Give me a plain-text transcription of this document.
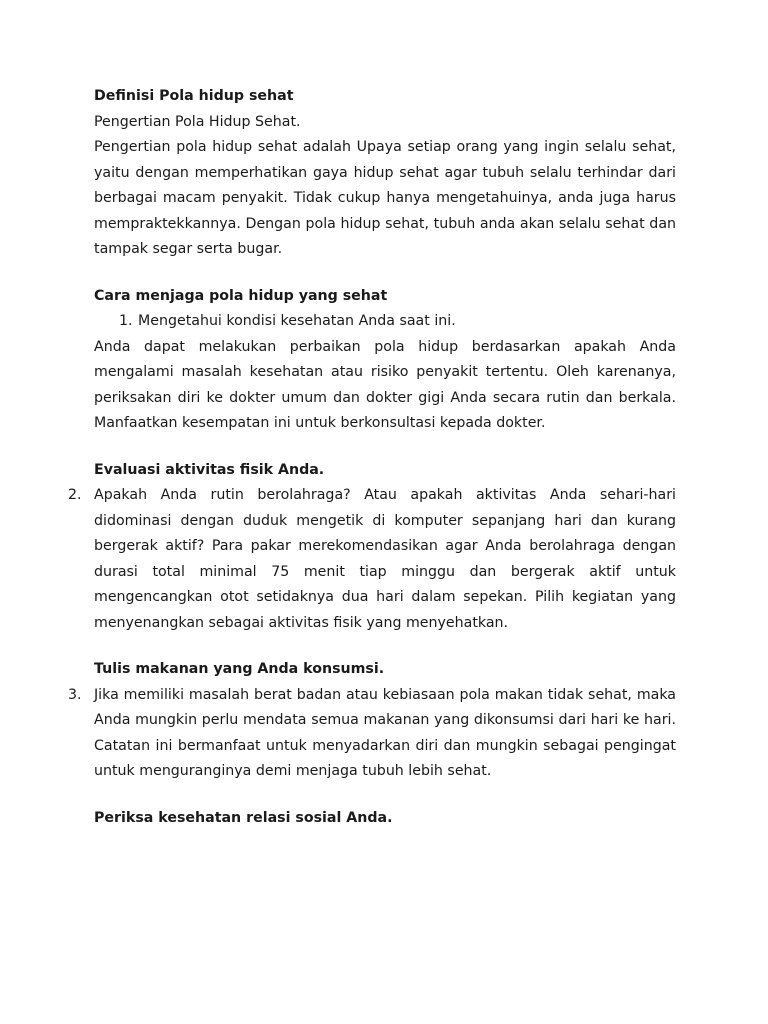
Definisi Pola hidup sehat

Pengertian Pola Hidup Sehat.

Pengertian pola hidup sehat adalah Upaya setiap orang yang ingin selalu sehat, yaitu dengan memperhatikan gaya hidup sehat agar tubuh selalu terhindar dari berbagai macam penyakit. Tidak cukup hanya mengetahuinya, anda juga harus mempraktekkannya. Dengan pola hidup sehat, tubuh anda akan selalu sehat dan tampak segar serta bugar.

Cara menjaga pola hidup yang sehat

1. Mengetahui kondisi kesehatan Anda saat ini.

Anda dapat melakukan perbaikan pola hidup berdasarkan apakah Anda mengalami masalah kesehatan atau risiko penyakit tertentu. Oleh karenanya, periksakan diri ke dokter umum dan dokter gigi Anda secara rutin dan berkala. Manfaatkan kesempatan ini untuk berkonsultasi kepada dokter.

Evaluasi aktivitas fisik Anda.

2. Apakah Anda rutin berolahraga? Atau apakah aktivitas Anda sehari-hari didominasi dengan duduk mengetik di komputer sepanjang hari dan kurang bergerak aktif? Para pakar merekomendasikan agar Anda berolahraga dengan durasi total minimal 75 menit tiap minggu dan bergerak aktif untuk mengencangkan otot setidaknya dua hari dalam sepekan. Pilih kegiatan yang menyenangkan sebagai aktivitas fisik yang menyehatkan.

Tulis makanan yang Anda konsumsi.

3. Jika memiliki masalah berat badan atau kebiasaan pola makan tidak sehat, maka Anda mungkin perlu mendata semua makanan yang dikonsumsi dari hari ke hari. Catatan ini bermanfaat untuk menyadarkan diri dan mungkin sebagai pengingat untuk menguranginya demi menjaga tubuh lebih sehat.

Periksa kesehatan relasi sosial Anda.
